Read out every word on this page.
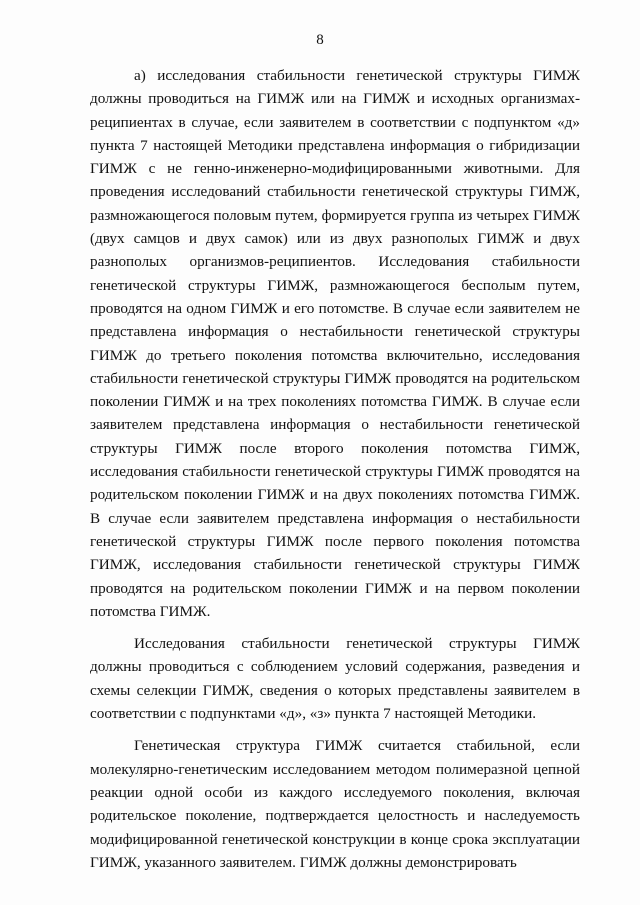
8

а) исследования стабильности генетической структуры ГИМЖ должны проводиться на ГИМЖ или на ГИМЖ и исходных организмах-реципиентах в случае, если заявителем в соответствии с подпунктом «д» пункта 7 настоящей Методики представлена информация о гибридизации ГИМЖ с не генно-инженерно-модифицированными животными. Для проведения исследований стабильности генетической структуры ГИМЖ, размножающегося половым путем, формируется группа из четырех ГИМЖ (двух самцов и двух самок) или из двух разнополых ГИМЖ и двух разнополых организмов-реципиентов. Исследования стабильности генетической структуры ГИМЖ, размножающегося бесполым путем, проводятся на одном ГИМЖ и его потомстве. В случае если заявителем не представлена информация о нестабильности генетической структуры ГИМЖ до третьего поколения потомства включительно, исследования стабильности генетической структуры ГИМЖ проводятся на родительском поколении ГИМЖ и на трех поколениях потомства ГИМЖ. В случае если заявителем представлена информация о нестабильности генетической структуры ГИМЖ после второго поколения потомства ГИМЖ, исследования стабильности генетической структуры ГИМЖ проводятся на родительском поколении ГИМЖ и на двух поколениях потомства ГИМЖ. В случае если заявителем представлена информация о нестабильности генетической структуры ГИМЖ после первого поколения потомства ГИМЖ, исследования стабильности генетической структуры ГИМЖ проводятся на родительском поколении ГИМЖ и на первом поколении потомства ГИМЖ.

Исследования стабильности генетической структуры ГИМЖ должны проводиться с соблюдением условий содержания, разведения и схемы селекции ГИМЖ, сведения о которых представлены заявителем в соответствии с подпунктами «д», «з» пункта 7 настоящей Методики.

Генетическая структура ГИМЖ считается стабильной, если молекулярно-генетическим исследованием методом полимеразной цепной реакции одной особи из каждого исследуемого поколения, включая родительское поколение, подтверждается целостность и наследуемость модифицированной генетической конструкции в конце срока эксплуатации ГИМЖ, указанного заявителем. ГИМЖ должны демонстрировать
